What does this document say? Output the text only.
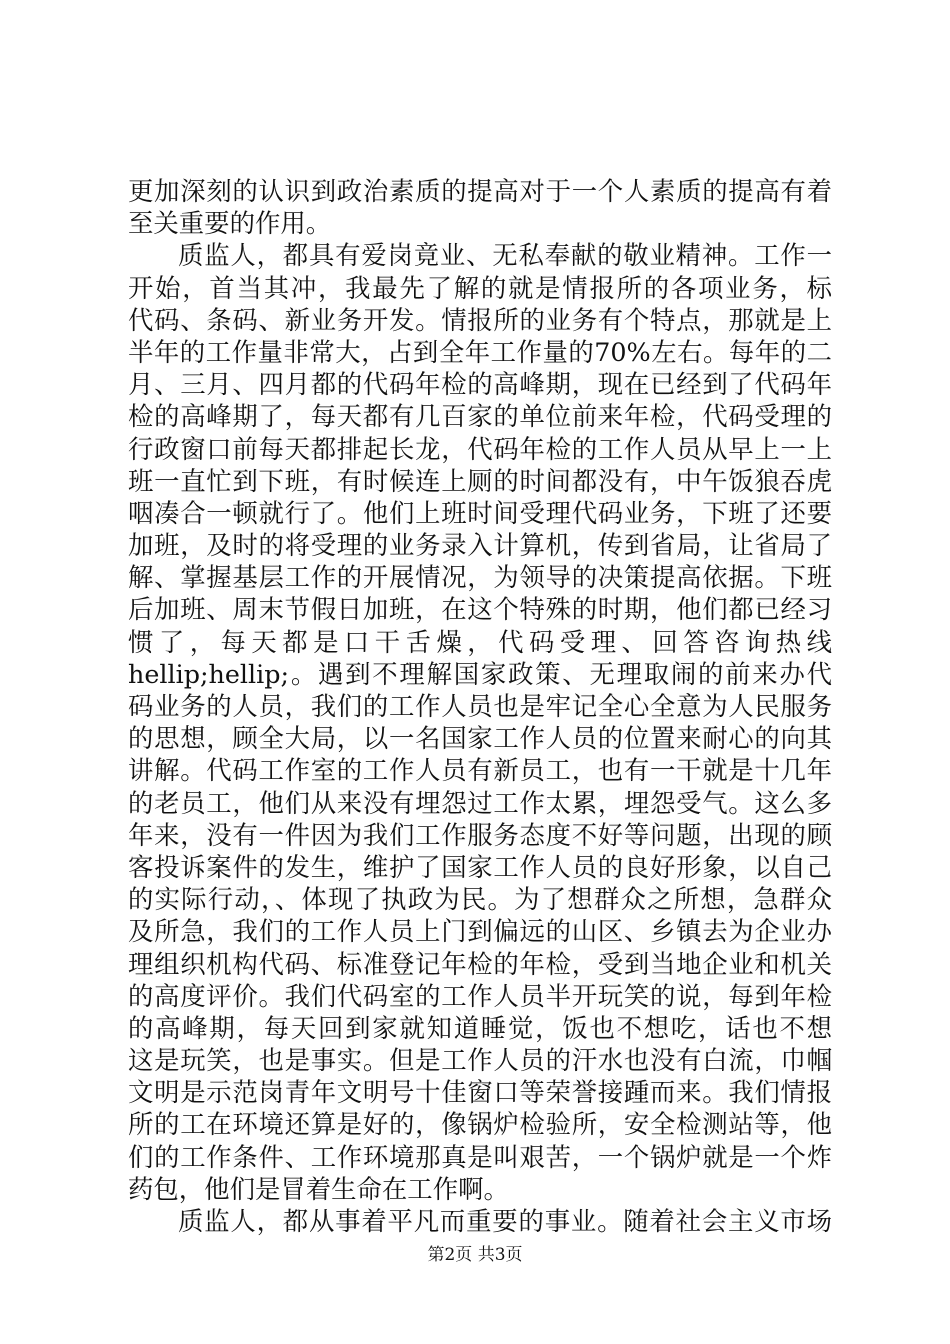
更加深刻的认识到政治素质的提高对于一个人素质的提高有着
至关重要的作用。
质监人，都具有爱岗竟业、无私奉献的敬业精神。工作一
开始，首当其冲，我最先了解的就是情报所的各项业务，标
代码、条码、新业务开发。情报所的业务有个特点，那就是上
半年的工作量非常大，占到全年工作量的70%左右。每年的二
月、三月、四月都的代码年检的高峰期，现在已经到了代码年
检的高峰期了，每天都有几百家的单位前来年检，代码受理的
行政窗口前每天都排起长龙，代码年检的工作人员从早上一上
班一直忙到下班，有时候连上厕的时间都没有，中午饭狼吞虎
咽凑合一顿就行了。他们上班时间受理代码业务，下班了还要
加班，及时的将受理的业务录入计算机，传到省局，让省局了
解、掌握基层工作的开展情况，为领导的决策提高依据。下班
后加班、周末节假日加班，在这个特殊的时期，他们都已经习
惯了，每天都是口干舌燥，代码受理、回答咨询热线
hellip;hellip;。遇到不理解国家政策、无理取闹的前来办代
码业务的人员，我们的工作人员也是牢记全心全意为人民服务
的思想，顾全大局，以一名国家工作人员的位置来耐心的向其
讲解。代码工作室的工作人员有新员工，也有一干就是十几年
的老员工，他们从来没有埋怨过工作太累，埋怨受气。这么多
年来，没有一件因为我们工作服务态度不好等问题，出现的顾
客投诉案件的发生，维护了国家工作人员的良好形象，以自己
的实际行动，、体现了执政为民。为了想群众之所想，急群众
及所急，我们的工作人员上门到偏远的山区、乡镇去为企业办
理组织机构代码、标准登记年检的年检，受到当地企业和机关
的高度评价。我们代码室的工作人员半开玩笑的说，每到年检
的高峰期，每天回到家就知道睡觉，饭也不想吃，话也不想
这是玩笑，也是事实。但是工作人员的汗水也没有白流，巾帼
文明是示范岗青年文明号十佳窗口等荣誉接踵而来。我们情报
所的工在环境还算是好的，像锅炉检验所，安全检测站等，他
们的工作条件、工作环境那真是叫艰苦，一个锅炉就是一个炸
药包，他们是冒着生命在工作啊。
质监人，都从事着平凡而重要的事业。随着社会主义市场
第2页 共3页
